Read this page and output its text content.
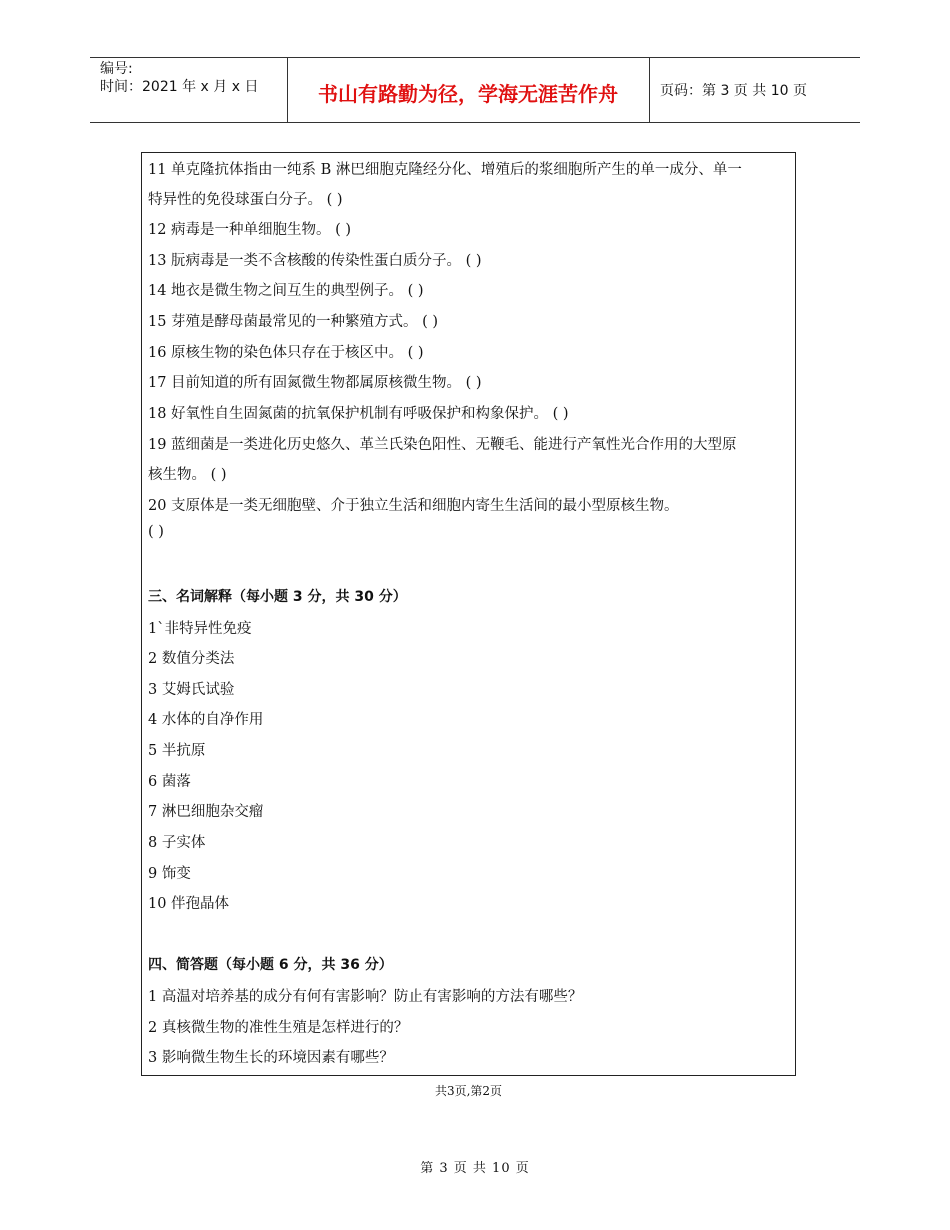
编号:
时间：2021 年 x 月 x 日	书山有路勤为径，学海无涯苦作舟	页码：第 3 页 共 10 页
11 单克隆抗体指由一纯系 B 淋巴细胞克隆经分化、增殖后的浆细胞所产生的单一成分、单一
特异性的免役球蛋白分子。 ( )
12 病毒是一种单细胞生物。 ( )
13 朊病毒是一类不含核酸的传染性蛋白质分子。 ( )
14 地衣是微生物之间互生的典型例子。 ( )
15 芽殖是酵母菌最常见的一种繁殖方式。 ( )
16 原核生物的染色体只存在于核区中。 ( )
17 目前知道的所有固氮微生物都属原核微生物。 ( )
18 好氧性自生固氮菌的抗氧保护机制有呼吸保护和构象保护。 ( )
19 蓝细菌是一类进化历史悠久、革兰氏染色阳性、无鞭毛、能进行产氧性光合作用的大型原
核生物。 ( )
20 支原体是一类无细胞壁、介于独立生活和细胞内寄生生活间的最小型原核生物。
( )
三、名词解释（每小题 3 分，共 30 分）
1`非特异性免疫
2 数值分类法
3 艾姆氏试验
4 水体的自净作用
5 半抗原
6 菌落
7 淋巴细胞杂交瘤
8 子实体
9 饰变
10 伴孢晶体
四、简答题（每小题 6 分，共 36 分）
1 高温对培养基的成分有何有害影响？防止有害影响的方法有哪些？
2 真核微生物的准性生殖是怎样进行的？
3 影响微生物生长的环境因素有哪些？
共3页,第2页
第 3 页 共 10 页
